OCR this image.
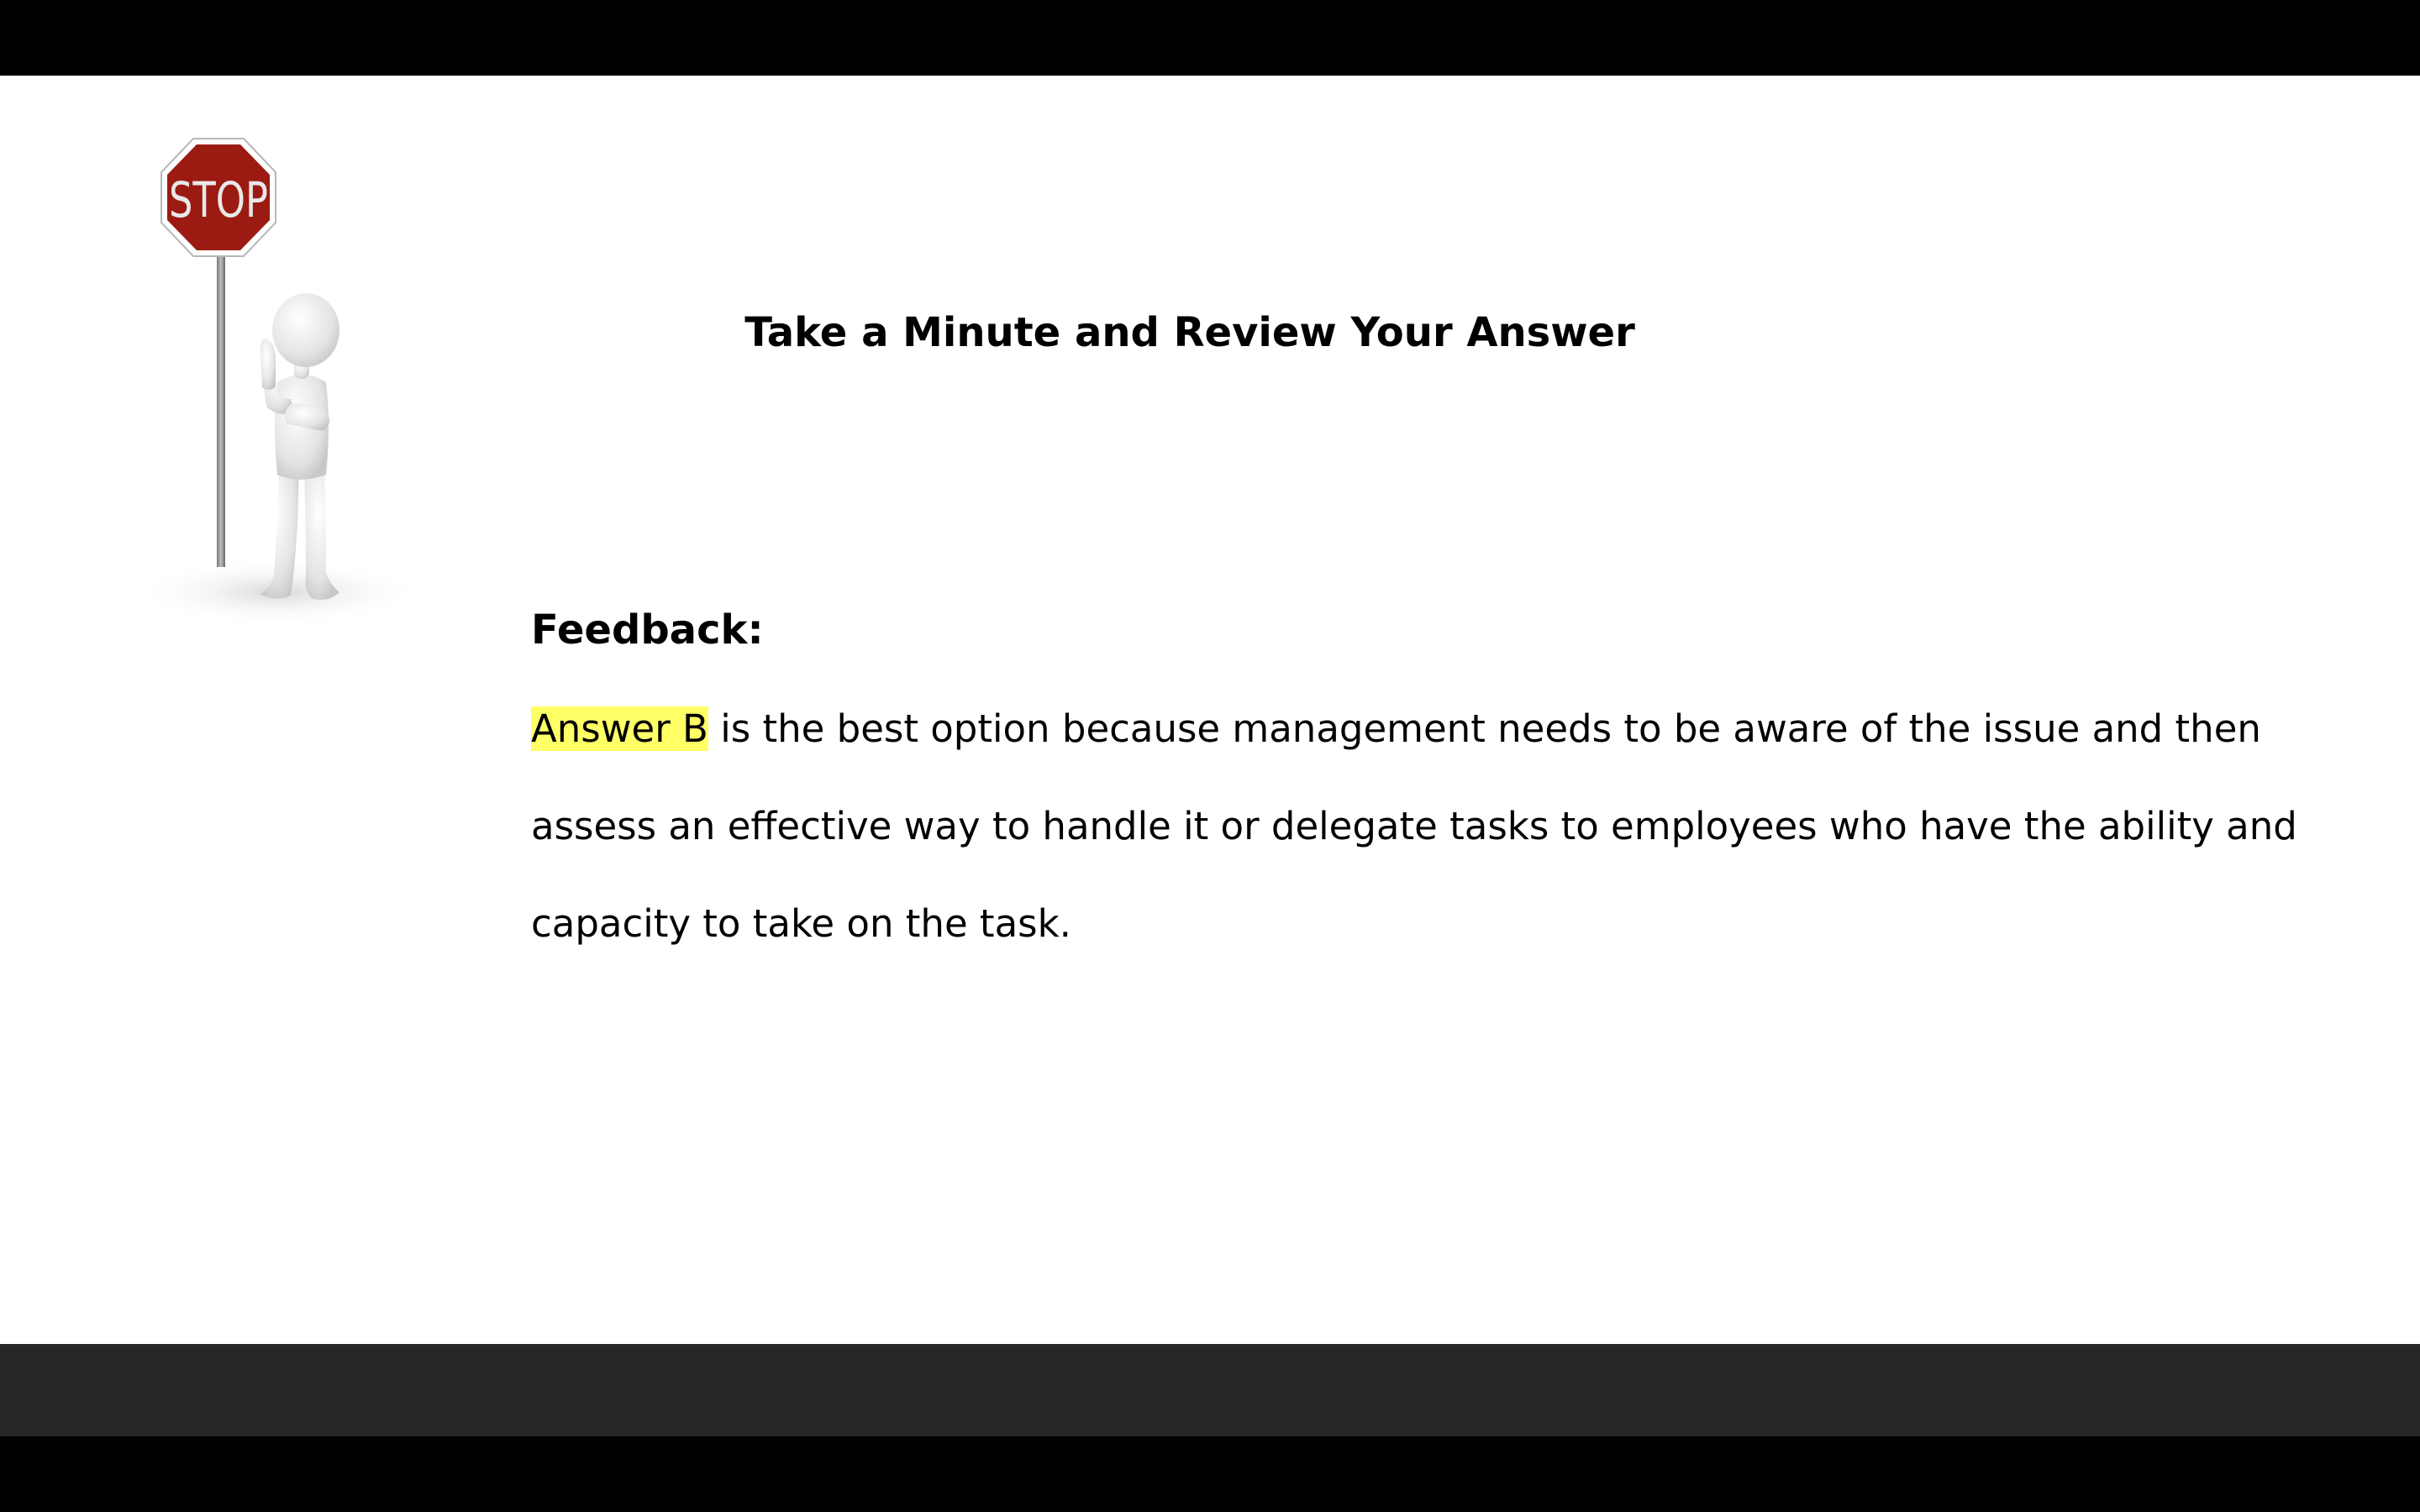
STOP
Take a Minute and Review Your Answer
Feedback:
Answer B is the best option because management needs to be aware of the issue and then
assess an effective way to handle it or delegate tasks to employees who have the ability and
capacity to take on the task.
